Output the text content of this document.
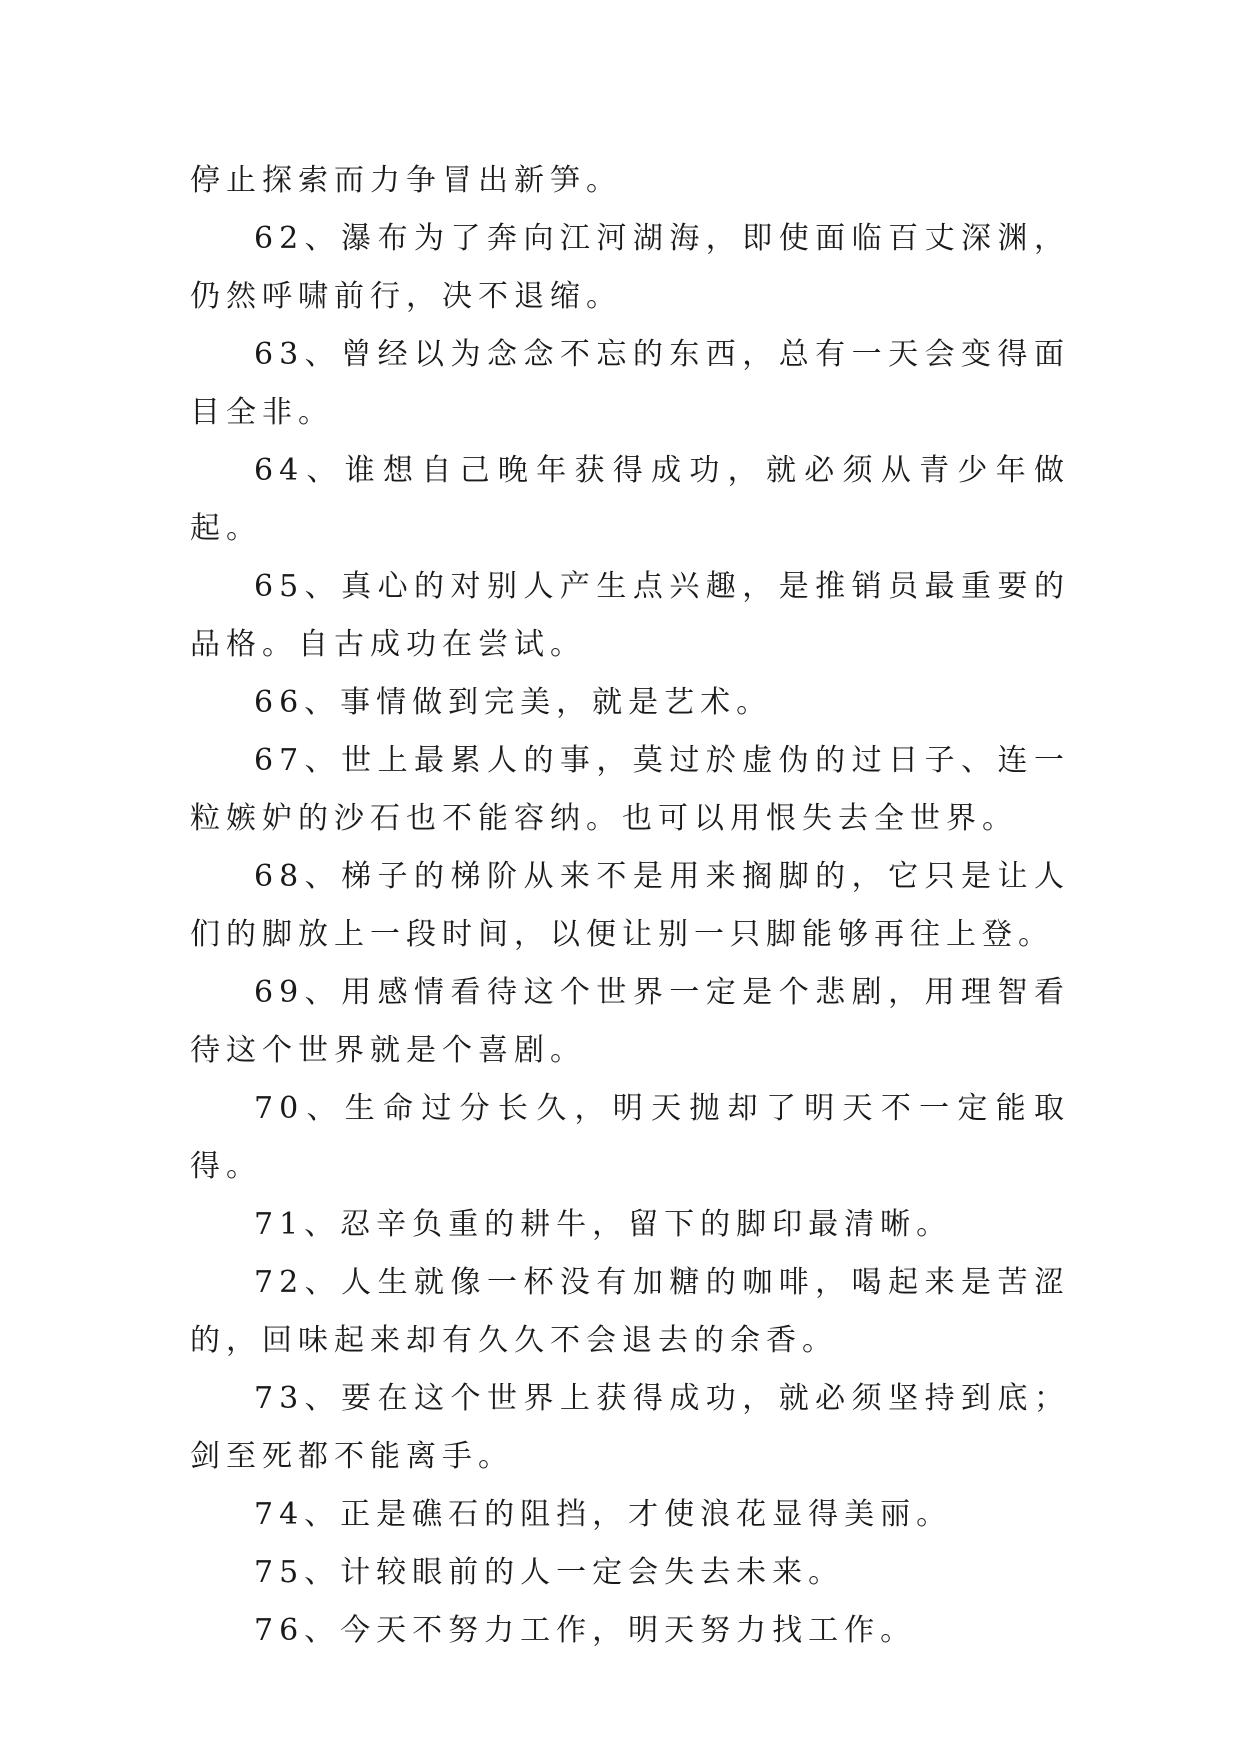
停止探索而力争冒出新笋。

62、瀑布为了奔向江河湖海，即使面临百丈深渊，仍然呼啸前行，决不退缩。

63、曾经以为念念不忘的东西，总有一天会变得面目全非。

64、谁想自己晚年获得成功，就必须从青少年做起。

65、真心的对别人产生点兴趣，是推销员最重要的品格。自古成功在尝试。

66、事情做到完美，就是艺术。

67、世上最累人的事，莫过於虚伪的过日子、连一粒嫉妒的沙石也不能容纳。也可以用恨失去全世界。

68、梯子的梯阶从来不是用来搁脚的，它只是让人们的脚放上一段时间，以便让别一只脚能够再往上登。

69、用感情看待这个世界一定是个悲剧，用理智看待这个世界就是个喜剧。

70、生命过分长久，明天抛却了明天不一定能取得。

71、忍辛负重的耕牛，留下的脚印最清晰。

72、人生就像一杯没有加糖的咖啡，喝起来是苦涩的，回味起来却有久久不会退去的余香。

73、要在这个世界上获得成功，就必须坚持到底；剑至死都不能离手。

74、正是礁石的阻挡，才使浪花显得美丽。

75、计较眼前的人一定会失去未来。

76、今天不努力工作，明天努力找工作。
